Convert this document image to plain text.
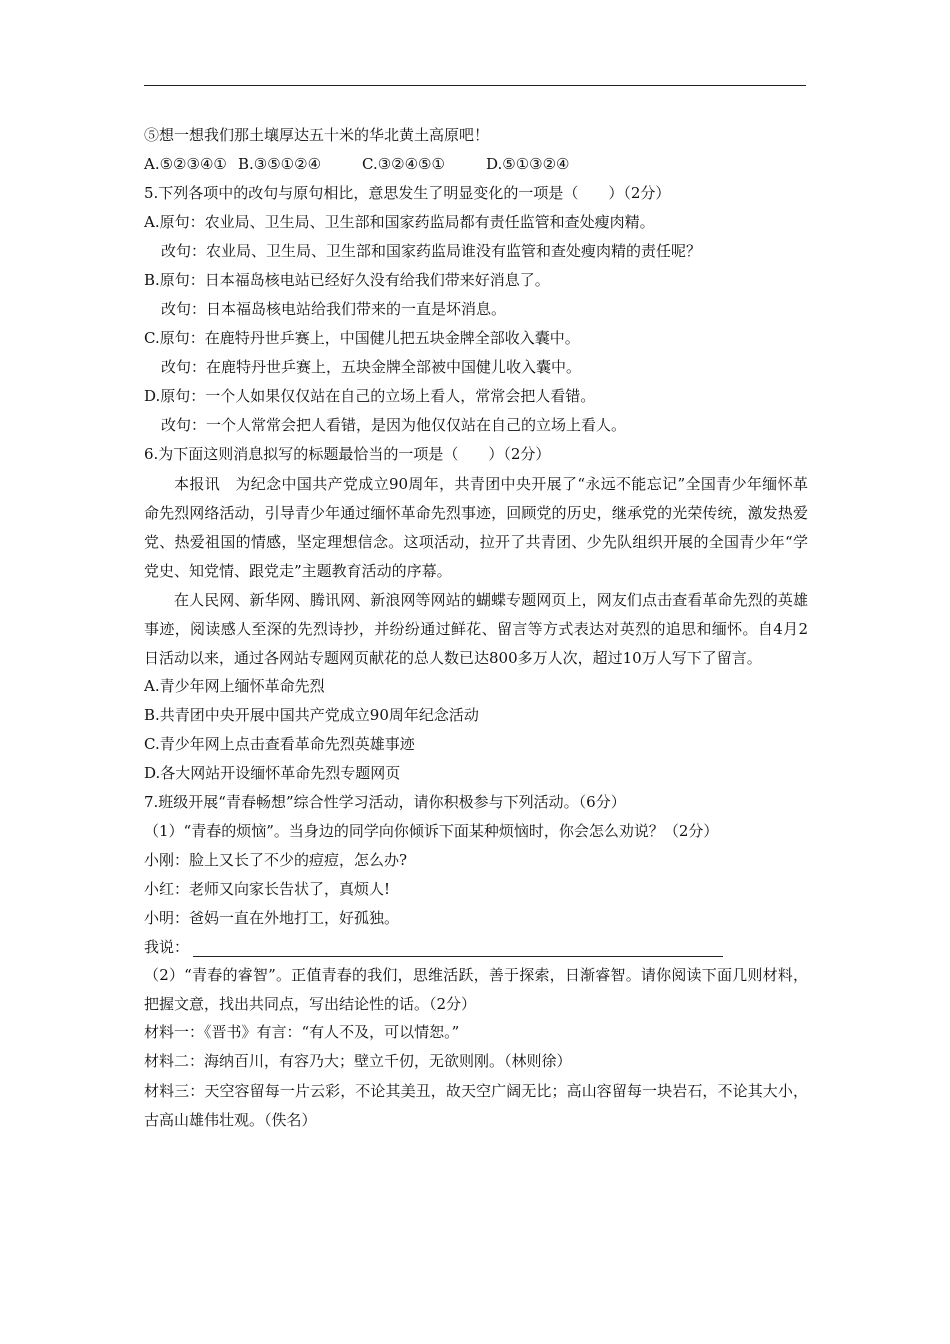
⑤想一想我们那土壤厚达五十米的华北黄土高原吧！

A.⑤②③④① B.③⑤①②④	C.③②④⑤①	D.⑤①③②④

5.下列各项中的改句与原句相比，意思发生了明显变化的一项是（　　）（2分）

A.原句：农业局、卫生局、卫生部和国家药监局都有责任监管和查处瘦肉精。

改句：农业局、卫生局、卫生部和国家药监局谁没有监管和查处瘦肉精的责任呢？

B.原句：日本福岛核电站已经好久没有给我们带来好消息了。

改句：日本福岛核电站给我们带来的一直是坏消息。

C.原句：在鹿特丹世乒赛上，中国健儿把五块金牌全部收入囊中。

改句：在鹿特丹世乒赛上，五块金牌全部被中国健儿收入囊中。

D.原句：一个人如果仅仅站在自己的立场上看人，常常会把人看错。

改句：一个人常常会把人看错，是因为他仅仅站在自己的立场上看人。

6.为下面这则消息拟写的标题最恰当的一项是（　　）（2分）

本报讯　为纪念中国共产党成立90周年，共青团中央开展了“永远不能忘记”全国青少年缅怀革命先烈网络活动，引导青少年通过缅怀革命先烈事迹，回顾党的历史，继承党的光荣传统，激发热爱党、热爱祖国的情感，坚定理想信念。这项活动，拉开了共青团、少先队组织开展的全国青少年“学党史、知党情、跟党走”主题教育活动的序幕。

在人民网、新华网、腾讯网、新浪网等网站的蝴蝶专题网页上，网友们点击查看革命先烈的英雄事迹，阅读感人至深的先烈诗抄，并纷纷通过鲜花、留言等方式表达对英烈的追思和缅怀。自4月2日活动以来，通过各网站专题网页献花的总人数已达800多万人次，超过10万人写下了留言。

A.青少年网上缅怀革命先烈

B.共青团中央开展中国共产党成立90周年纪念活动

C.青少年网上点击查看革命先烈英雄事迹

D.各大网站开设缅怀革命先烈专题网页

7.班级开展“青春畅想”综合性学习活动，请你积极参与下列活动。（6分）

（1）“青春的烦恼”。当身边的同学向你倾诉下面某种烦恼时，你会怎么劝说？（2分）

小刚：脸上又长了不少的痘痘，怎么办?

小红：老师又向家长告状了，真烦人!

小明：爸妈一直在外地打工，好孤独。

我说：

（2）“青春的睿智”。正值青春的我们，思维活跃，善于探索，日渐睿智。请你阅读下面几则材料，把握文意，找出共同点，写出结论性的话。（2分）

材料一：《晋书》有言：“有人不及，可以情恕。”

材料二：海纳百川，有容乃大；壁立千仞，无欲则刚。（林则徐）

材料三：天空容留每一片云彩，不论其美丑，故天空广阔无比；高山容留每一块岩石，不论其大小，古高山雄伟壮观。（佚名）
